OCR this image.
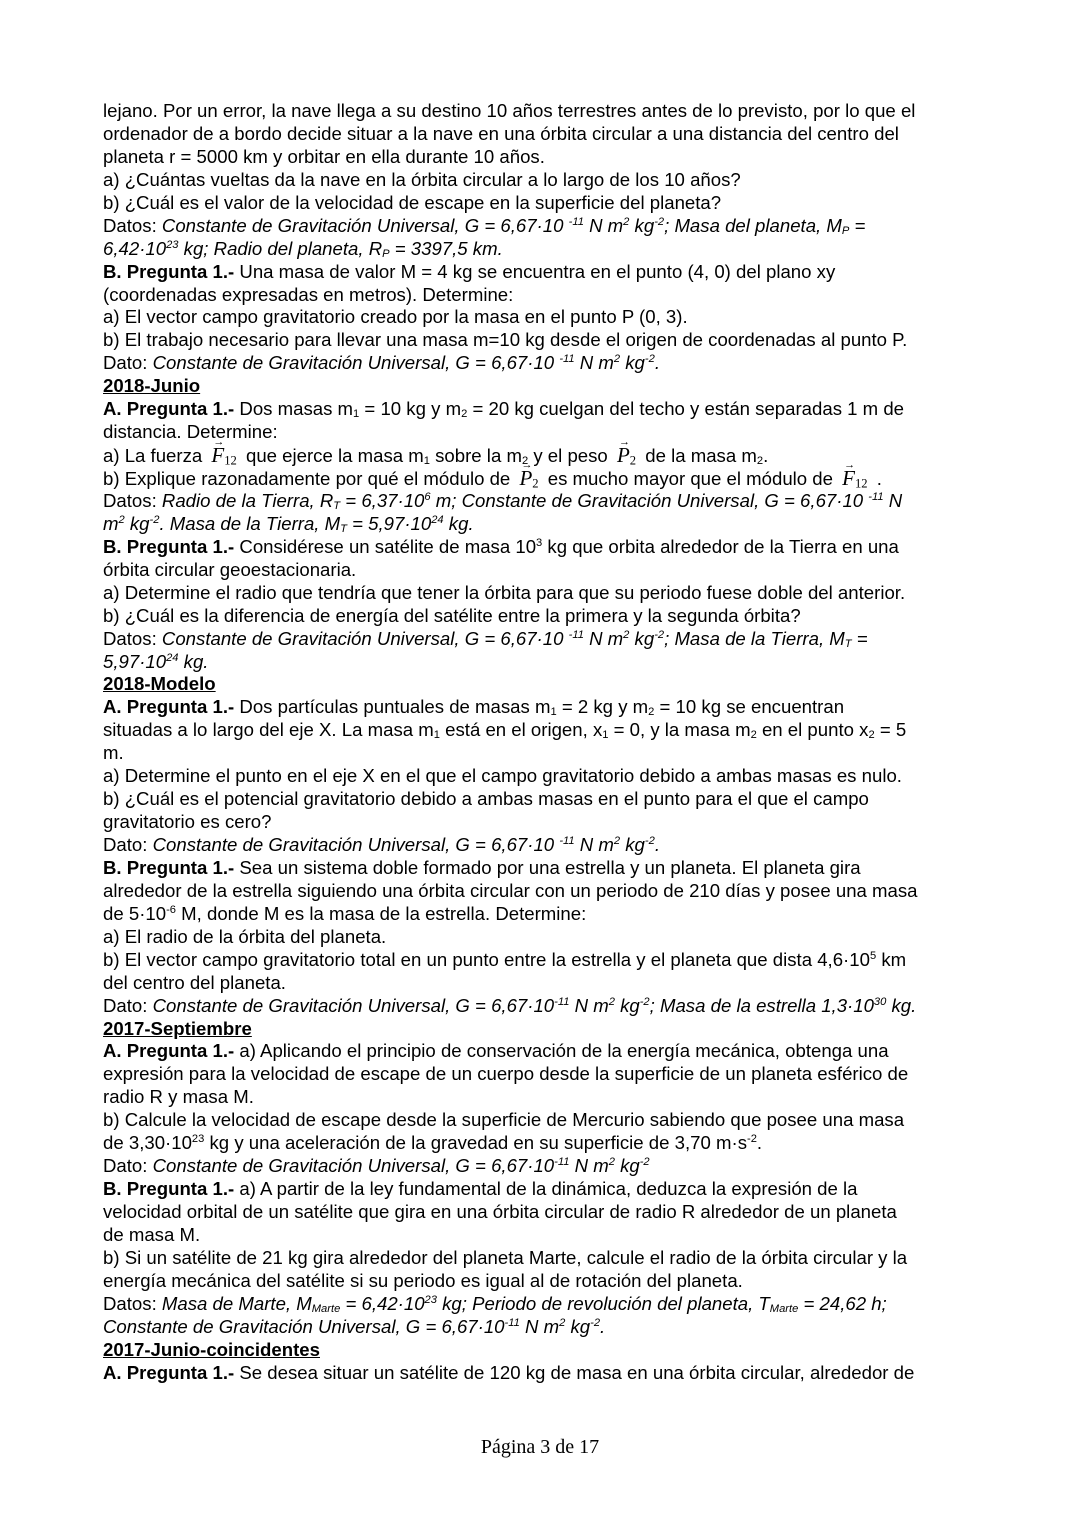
lejano. Por un error, la nave llega a su destino 10 años terrestres antes de lo previsto, por lo que el
ordenador de a bordo decide situar a la nave en una órbita circular a una distancia del centro del
planeta r = 5000 km y orbitar en ella durante 10 años.
a) ¿Cuántas vueltas da la nave en la órbita circular a lo largo de los 10 años?
b) ¿Cuál es el valor de la velocidad de escape en la superficie del planeta?
Datos: Constante de Gravitación Universal, G = 6,67·10 $^{-11}$ N $m^2$ $kg^{-2}$; Masa del planeta, $M_P$ =
$6,42\cdot 10^{23}$ kg; Radio del planeta, $R_P = 3397,5$ km.
B. Pregunta 1.- Una masa de valor M = 4 kg se encuentra en el punto (4, 0) del plano xy
(coordenadas expresadas en metros). Determine:
a) El vector campo gravitatorio creado por la masa en el punto P (0, 3).
b) El trabajo necesario para llevar una masa m=10 kg desde el origen de coordenadas al punto P.
Dato: Constante de Gravitación Universal, G = 6,67·10 $^{-11}$ N $m^2$ $kg^{-2}$.
2018-Junio
A. Pregunta 1.- Dos masas $m_1 = 10$ kg y $m_2 = 20$ kg cuelgan del techo y están separadas 1 m de
distancia. Determine:
a) La fuerza → $F_{12}$ que ejerce la masa $m_1$ sobre la $m_2$ y el peso → $P_2$ de la masa $m_2$.
b) Explique razonadamente por qué el módulo de → $P_2$ es mucho mayor que el módulo de → $F_{12}$ .
Datos: Radio de la Tierra, $R_T = 6,37\cdot 10^6$ m; Constante de Gravitación Universal, G = 6,67·10 $^{-11}$ N
$m^2$ $kg^{-2}$. Masa de la Tierra, $M_T = 5,97\cdot 10^{24}$ kg.
B. Pregunta 1.- Considérese un satélite de masa $10^3$ kg que orbita alrededor de la Tierra en una
órbita circular geoestacionaria.
a) Determine el radio que tendría que tener la órbita para que su periodo fuese doble del anterior.
b) ¿Cuál es la diferencia de energía del satélite entre la primera y la segunda órbita?
Datos: Constante de Gravitación Universal, G = 6,67·10 $^{-11}$ N $m^2$ $kg^{-2}$; Masa de la Tierra, $M_T$ =
$5,97\cdot 10^{24}$ kg.
2018-Modelo
A. Pregunta 1.- Dos partículas puntuales de masas $m_1 = 2$ kg y $m_2 = 10$ kg se encuentran
situadas a lo largo del eje X. La masa $m_1$ está en el origen, $x_1 = 0$, y la masa $m_2$ en el punto $x_2 = 5$
m.
a) Determine el punto en el eje X en el que el campo gravitatorio debido a ambas masas es nulo.
b) ¿Cuál es el potencial gravitatorio debido a ambas masas en el punto para el que el campo
gravitatorio es cero?
Dato: Constante de Gravitación Universal, G = 6,67·10 $^{-11}$ N $m^2$ $kg^{-2}$.
B. Pregunta 1.- Sea un sistema doble formado por una estrella y un planeta. El planeta gira
alrededor de la estrella siguiendo una órbita circular con un periodo de 210 días y posee una masa
de $5\cdot 10^{-6}$ M, donde M es la masa de la estrella. Determine:
a) El radio de la órbita del planeta.
b) El vector campo gravitatorio total en un punto entre la estrella y el planeta que dista $4,6\cdot 10^5$ km
del centro del planeta.
Dato: Constante de Gravitación Universal, $G = 6,67\cdot 10^{-11}$ N $m^2$ $kg^{-2}$; Masa de la estrella $1,3\cdot 10^{30}$ kg.
2017-Septiembre
A. Pregunta 1.- a) Aplicando el principio de conservación de la energía mecánica, obtenga una
expresión para la velocidad de escape de un cuerpo desde la superficie de un planeta esférico de
radio R y masa M.
b) Calcule la velocidad de escape desde la superficie de Mercurio sabiendo que posee una masa
de $3,30\cdot 10^{23}$ kg y una aceleración de la gravedad en su superficie de 3,70 $m\cdot s^{-2}$.
Dato: Constante de Gravitación Universal, $G = 6,67\cdot 10^{-11}$ N $m^2$ $kg^{-2}$
B. Pregunta 1.- a) A partir de la ley fundamental de la dinámica, deduzca la expresión de la
velocidad orbital de un satélite que gira en una órbita circular de radio R alrededor de un planeta
de masa M.
b) Si un satélite de 21 kg gira alrededor del planeta Marte, calcule el radio de la órbita circular y la
energía mecánica del satélite si su periodo es igual al de rotación del planeta.
Datos: Masa de Marte, $M_{Marte} = 6,42\cdot 10^{23}$ kg; Periodo de revolución del planeta, $T_{Marte} = 24,62$ h;
Constante de Gravitación Universal, $G = 6,67\cdot 10^{-11}$ N $m^2$ $kg^{-2}$.
2017-Junio-coincidentes
A. Pregunta 1.- Se desea situar un satélite de 120 kg de masa en una órbita circular, alrededor de
Página 3 de 17
